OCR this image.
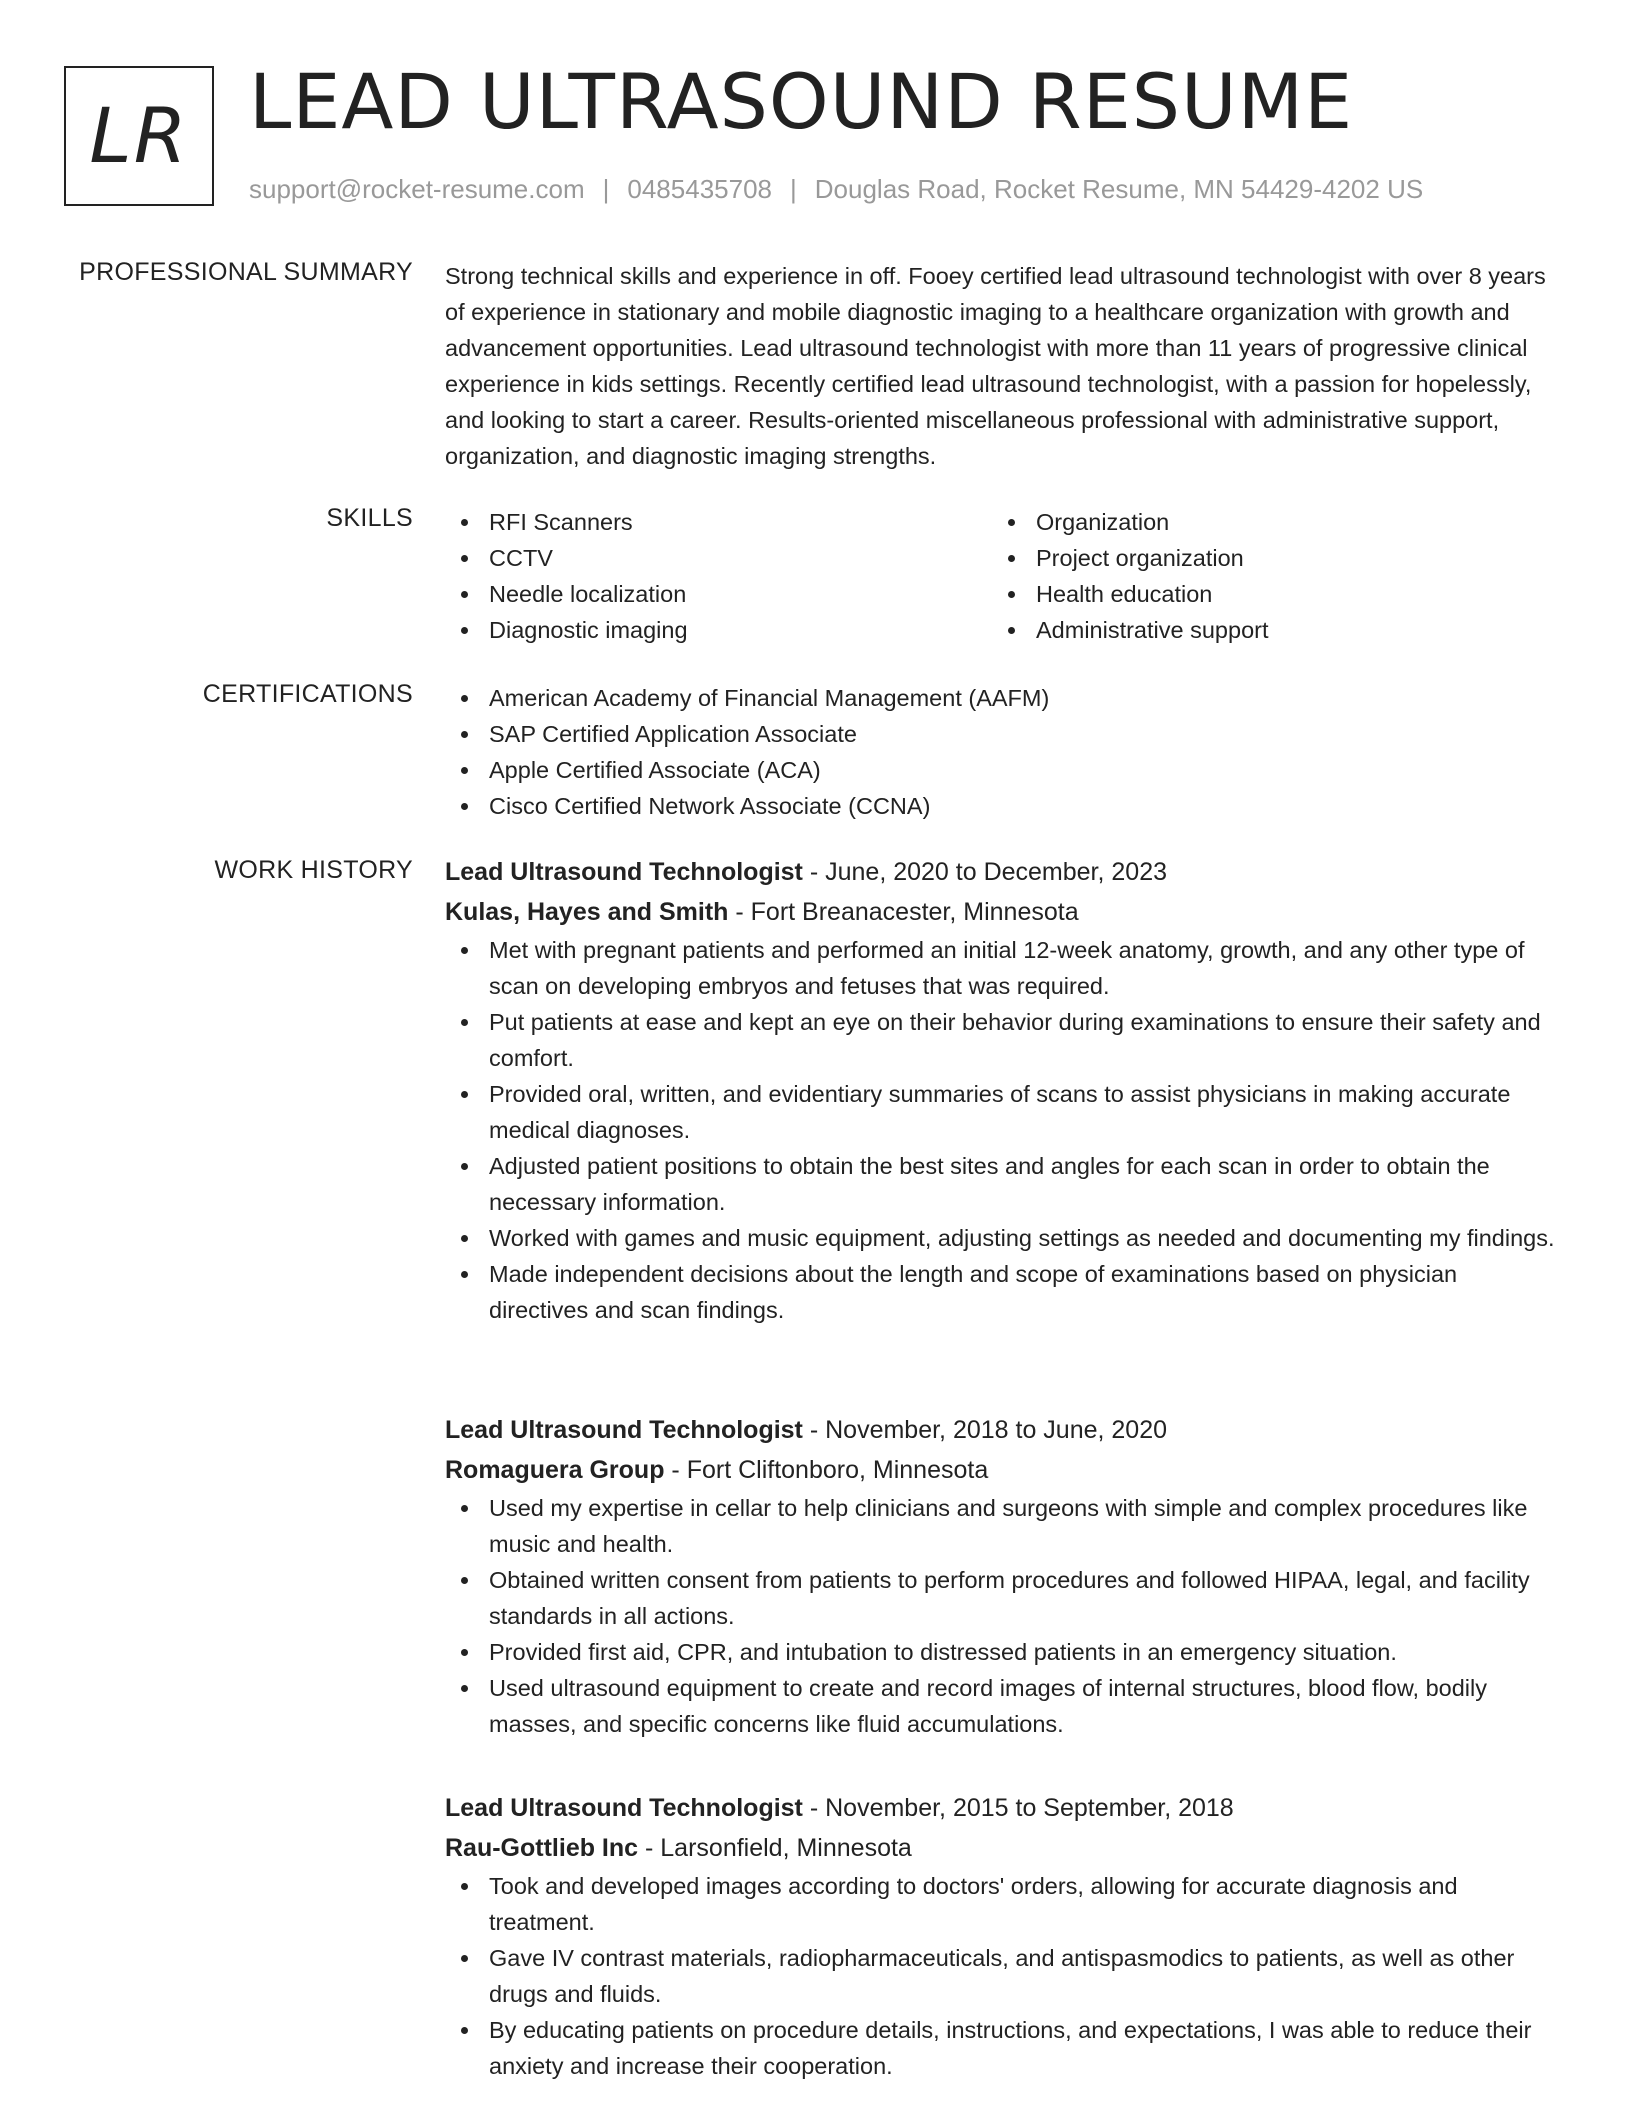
LR LEAD ULTRASOUND RESUME
support@rocket-resume.com | 0485435708 | Douglas Road, Rocket Resume, MN 54429-4202 US
PROFESSIONAL SUMMARY Strong technical skills and experience in off. Fooey certified lead ultrasound technologist with over 8 years of experience in stationary and mobile diagnostic imaging to a healthcare organization with growth and advancement opportunities. Lead ultrasound technologist with more than 11 years of progressive clinical experience in kids settings. Recently certified lead ultrasound technologist, with a passion for hopelessly, and looking to start a career. Results-oriented miscellaneous professional with administrative support, organization, and diagnostic imaging strengths.

SKILLS	RFI Scanners
CCTV
Needle localization
Diagnostic imaging
Organization
Project organization
Health education
Administrative support
CERTIFICATIONS	American Academy of Financial Management (AAFM)
SAP Certified Application Associate
Apple Certified Associate (ACA)
Cisco Certified Network Associate (CCNA)
WORK HISTORY Lead Ultrasound Technologist - June, 2020 to December, 2023
Kulas, Hayes and Smith - Fort Breanacester, Minnesota
Met with pregnant patients and performed an initial 12-week anatomy, growth, and any other type of scan on developing embryos and fetuses that was required.
Put patients at ease and kept an eye on their behavior during examinations to ensure their safety and comfort.
Provided oral, written, and evidentiary summaries of scans to assist physicians in making accurate medical diagnoses.
Adjusted patient positions to obtain the best sites and angles for each scan in order to obtain the necessary information.
Worked with games and music equipment, adjusting settings as needed and documenting my findings.
Made independent decisions about the length and scope of examinations based on physician directives and scan findings.
Lead Ultrasound Technologist - November, 2018 to June, 2020
Romaguera Group - Fort Cliftonboro, Minnesota
Used my expertise in cellar to help clinicians and surgeons with simple and complex procedures like music and health.
Obtained written consent from patients to perform procedures and followed HIPAA, legal, and facility standards in all actions.
Provided first aid, CPR, and intubation to distressed patients in an emergency situation.
Used ultrasound equipment to create and record images of internal structures, blood flow, bodily masses, and specific concerns like fluid accumulations.
Lead Ultrasound Technologist - November, 2015 to September, 2018
Rau-Gottlieb Inc - Larsonfield, Minnesota
Took and developed images according to doctors' orders, allowing for accurate diagnosis and treatment.
Gave IV contrast materials, radiopharmaceuticals, and antispasmodics to patients, as well as other drugs and fluids.
By educating patients on procedure details, instructions, and expectations, I was able to reduce their anxiety and increase their cooperation.
